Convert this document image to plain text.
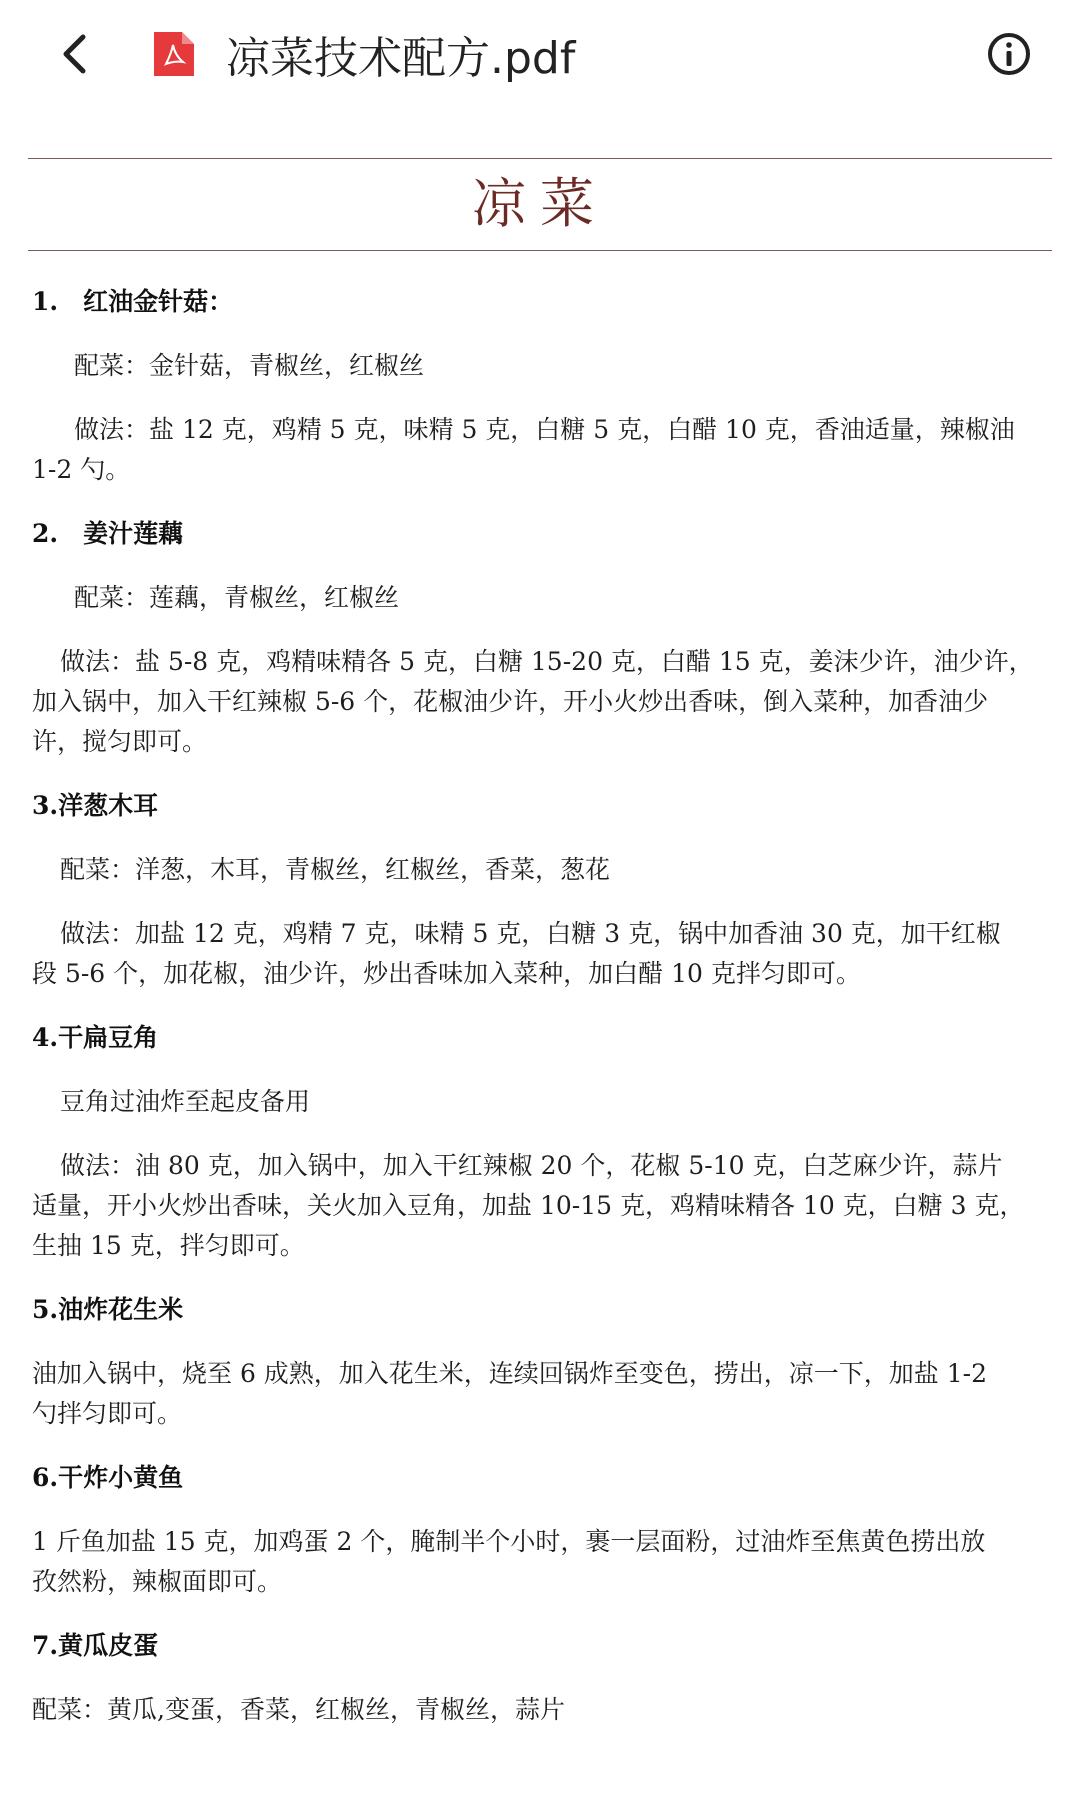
凉菜技术配方.pdf
凉菜

1.　红油金针菇：

配菜：金针菇，青椒丝，红椒丝

做法：盐 12 克，鸡精 5 克，味精 5 克，白糖 5 克，白醋 10 克，香油适量，辣椒油

1-2 勺。

2.　姜汁莲藕

配菜：莲藕，青椒丝，红椒丝

做法：盐 5-8 克，鸡精味精各 5 克，白糖 15-20 克，白醋 15 克，姜沫少许，油少许，

加入锅中，加入干红辣椒 5-6 个，花椒油少许，开小火炒出香味，倒入菜种，加香油少

许，搅匀即可。

3.洋葱木耳

配菜：洋葱，木耳，青椒丝，红椒丝，香菜，葱花

做法：加盐 12 克，鸡精 7 克，味精 5 克，白糖 3 克，锅中加香油 30 克，加干红椒

段 5-6 个，加花椒，油少许，炒出香味加入菜种，加白醋 10 克拌匀即可。

4.干扁豆角

豆角过油炸至起皮备用

做法：油 80 克，加入锅中，加入干红辣椒 20 个，花椒 5-10 克，白芝麻少许，蒜片

适量，开小火炒出香味，关火加入豆角，加盐 10-15 克，鸡精味精各 10 克，白糖 3 克，

生抽 15 克，拌匀即可。

5.油炸花生米

油加入锅中，烧至 6 成熟，加入花生米，连续回锅炸至变色，捞出，凉一下，加盐 1-2

勺拌匀即可。

6.干炸小黄鱼

1 斤鱼加盐 15 克，加鸡蛋 2 个，腌制半个小时，裹一层面粉，过油炸至焦黄色捞出放

孜然粉，辣椒面即可。

7.黄瓜皮蛋

配菜：黄瓜,变蛋，香菜，红椒丝，青椒丝，蒜片
